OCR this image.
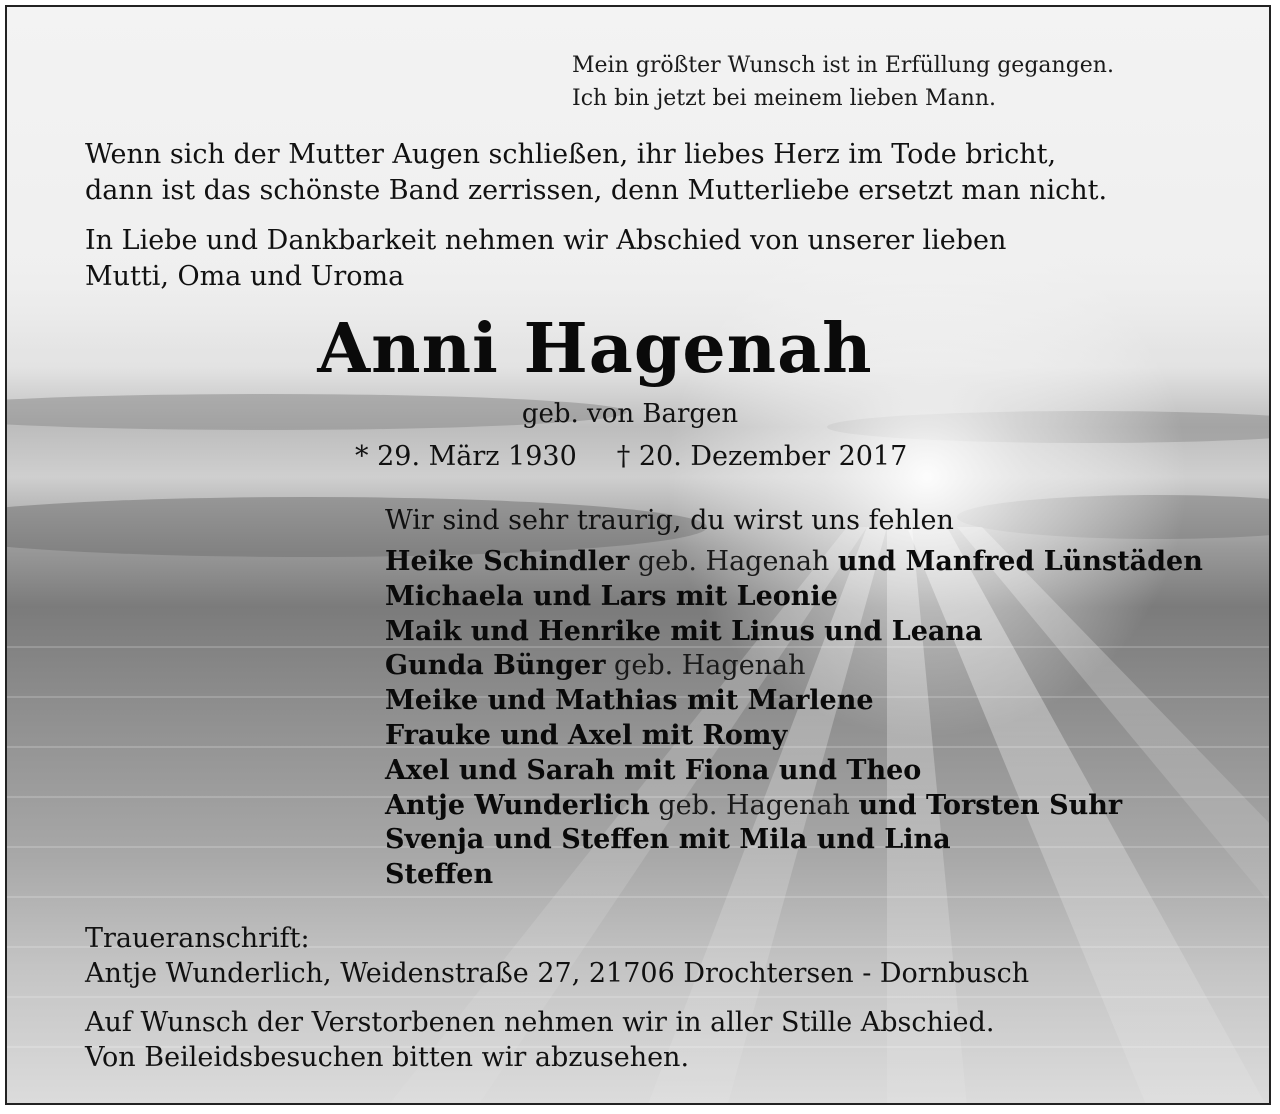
Mein größter Wunsch ist in Erfüllung gegangen.
Ich bin jetzt bei meinem lieben Mann.
Wenn sich der Mutter Augen schließen, ihr liebes Herz im Tode bricht,
dann ist das schönste Band zerrissen, denn Mutterliebe ersetzt man nicht.
In Liebe und Dankbarkeit nehmen wir Abschied von unserer lieben
Mutti, Oma und Uroma
Anni Hagenah
geb. von Bargen
* 29. März 1930 † 20. Dezember 2017
Wir sind sehr traurig, du wirst uns fehlen
Heike Schindler geb. Hagenah und Manfred Lünstäden
Michaela und Lars mit Leonie
Maik und Henrike mit Linus und Leana
Gunda Bünger geb. Hagenah
Meike und Mathias mit Marlene
Frauke und Axel mit Romy
Axel und Sarah mit Fiona und Theo
Antje Wunderlich geb. Hagenah und Torsten Suhr
Svenja und Steffen mit Mila und Lina
Steffen
Traueranschrift:
Antje Wunderlich, Weidenstraße 27, 21706 Drochtersen - Dornbusch
Auf Wunsch der Verstorbenen nehmen wir in aller Stille Abschied.
Von Beileidsbesuchen bitten wir abzusehen.
